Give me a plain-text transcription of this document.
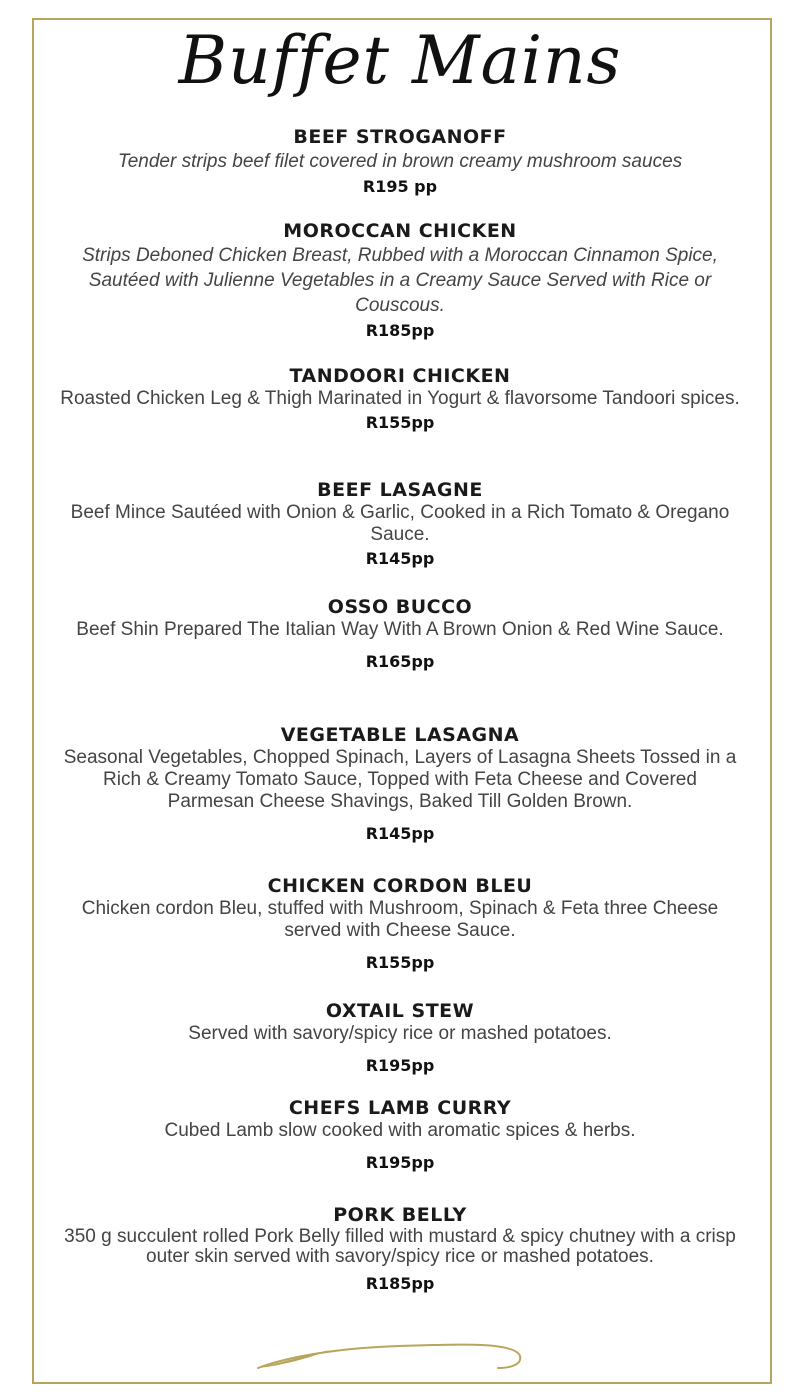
Buffet Mains
BEEF STROGANOFF
Tender strips beef filet covered in brown creamy mushroom sauces
R195 pp
MOROCCAN CHICKEN
Strips Deboned Chicken Breast, Rubbed with a Moroccan Cinnamon Spice, Sautéed with Julienne Vegetables in a Creamy Sauce Served with Rice or Couscous.
R185pp
TANDOORI CHICKEN
Roasted Chicken Leg & Thigh Marinated in Yogurt & flavorsome Tandoori spices.
R155pp
BEEF LASAGNE
Beef Mince Sautéed with Onion & Garlic, Cooked in a Rich Tomato & Oregano Sauce.
R145pp
OSSO BUCCO
Beef Shin Prepared The Italian Way With A Brown Onion & Red Wine Sauce.
R165pp
VEGETABLE LASAGNA
Seasonal Vegetables, Chopped Spinach, Layers of Lasagna Sheets Tossed in a Rich & Creamy Tomato Sauce, Topped with Feta Cheese and Covered Parmesan Cheese Shavings, Baked Till Golden Brown.
R145pp
CHICKEN CORDON BLEU
Chicken cordon Bleu, stuffed with Mushroom, Spinach & Feta three Cheese served with Cheese Sauce.
R155pp
OXTAIL STEW
Served with savory/spicy rice or mashed potatoes.
R195pp
CHEFS LAMB CURRY
Cubed Lamb slow cooked with aromatic spices & herbs.
R195pp
PORK BELLY
350 g succulent rolled Pork Belly filled with mustard & spicy chutney with a crisp outer skin served with savory/spicy rice or mashed potatoes.
R185pp
